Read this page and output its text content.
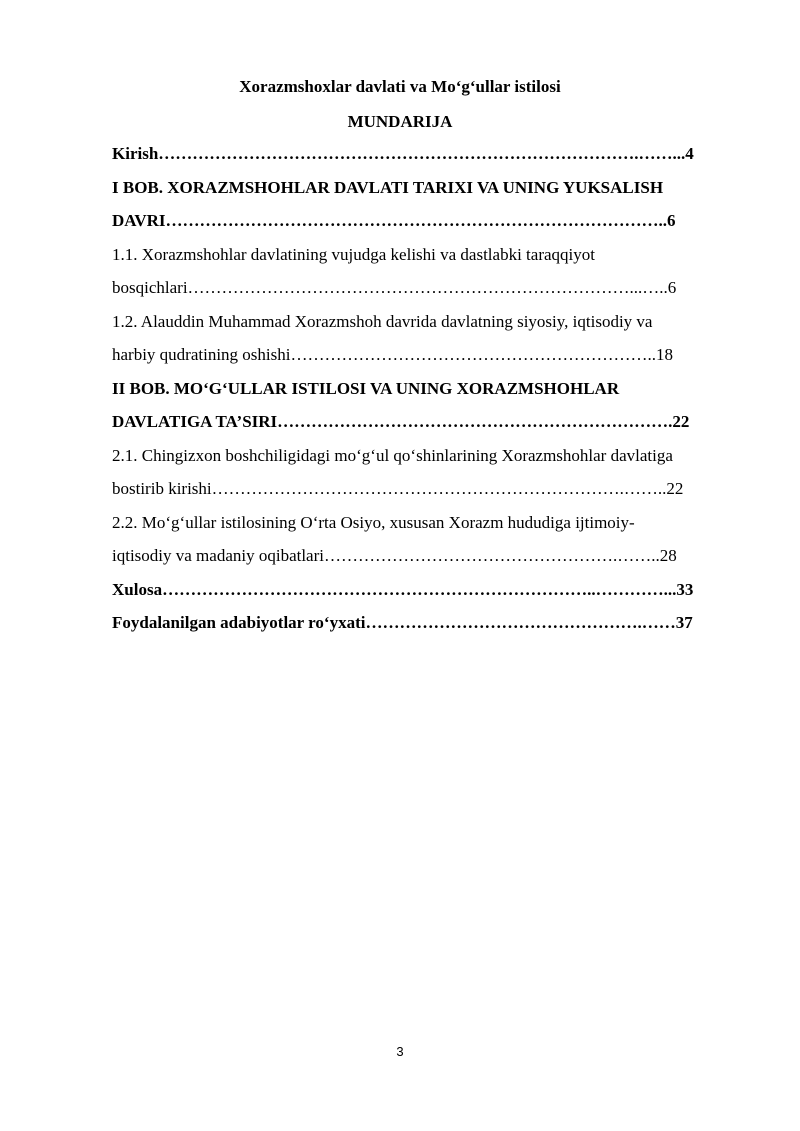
Xorazmshoxlar davlati va Mo‘g‘ullar istilosi
MUNDARIJA

Kirish………………………………………………………………………….……...4

I BOB. XORAZMSHOHLAR DAVLATI TARIXI VA UNING YUKSALISH
DAVRI……………………………………………………………………………..6

1.1. Xorazmshohlar davlatining vujudga kelishi va dastlabki taraqqiyot
bosqichlari……………………………………………………………………...…..6

1.2. Alauddin Muhammad Xorazmshoh davrida davlatning siyosiy, iqtisodiy va
harbiy qudratining oshishi………………………………………………………..18

II BOB. MO‘G‘ULLAR ISTILOSI VA UNING XORAZMSHOHLAR
DAVLATIGA TA’SIRI…………………………………………………………….22

2.1. Chingizxon boshchiligidagi mo‘g‘ul qo‘shinlarining Xorazmshohlar davlatiga
bostirib kirishi……………………………………………………………….……..22

2.2. Mo‘g‘ullar istilosining O‘rta Osiyo, xususan Xorazm hududiga ijtimoiy-
iqtisodiy va madaniy oqibatlari…………………………………………….……..28

Xulosa…………………………………………………………………..…………...33

Foydalanilgan adabiyotlar ro‘yxati………………………………………….……37

3
